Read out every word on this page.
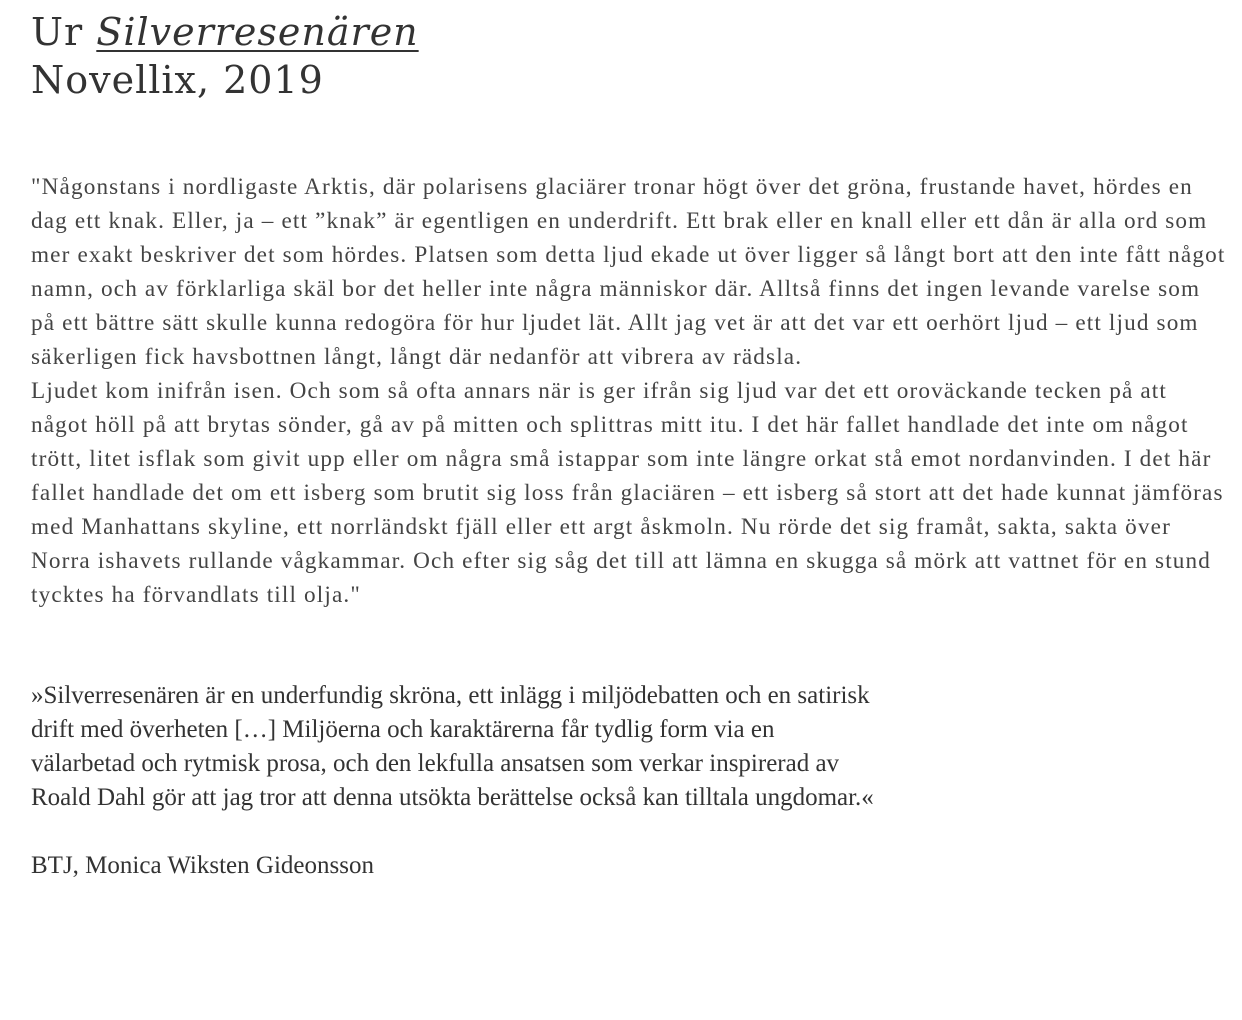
Ur Silverresenären
Novellix, 2019

"Någonstans i nordligaste Arktis, där polarisens glaciärer tronar högt över det gröna, frustande havet, hördes en dag ett knak. Eller, ja – ett ”knak” är egentligen en underdrift. Ett brak eller en knall eller ett dån är alla ord som mer exakt beskriver det som hördes. Platsen som detta ljud ekade ut över ligger så långt bort att den inte fått något namn, och av förklarliga skäl bor det heller inte några människor där. Alltså finns det ingen levande varelse som på ett bättre sätt skulle kunna redogöra för hur ljudet lät. Allt jag vet är att det var ett oerhört ljud – ett ljud som säkerligen fick havsbottnen långt, långt där nedanför att vibrera av rädsla.

Ljudet kom inifrån isen. Och som så ofta annars när is ger ifrån sig ljud var det ett oroväckande tecken på att något höll på att brytas sönder, gå av på mitten och splittras mitt itu. I det här fallet handlade det inte om något trött, litet isflak som givit upp eller om några små istappar som inte längre orkat stå emot nordanvinden. I det här fallet handlade det om ett isberg som brutit sig loss från glaciären – ett isberg så stort att det hade kunnat jämföras med Manhattans skyline, ett norrländskt fjäll eller ett argt åskmoln. Nu rörde det sig framåt, sakta, sakta över Norra ishavets rullande vågkammar. Och efter sig såg det till att lämna en skugga så mörk att vattnet för en stund tycktes ha förvandlats till olja."

»Silverresenären är en underfundig skröna, ett inlägg i miljödebatten och en satirisk drift med överheten […] Miljöerna och karaktärerna får tydlig form via en välarbetad och rytmisk prosa, och den lekfulla ansatsen som verkar inspirerad av Roald Dahl gör att jag tror att denna utsökta berättelse också kan tilltala ungdomar.«

BTJ, Monica Wiksten Gideonsson
